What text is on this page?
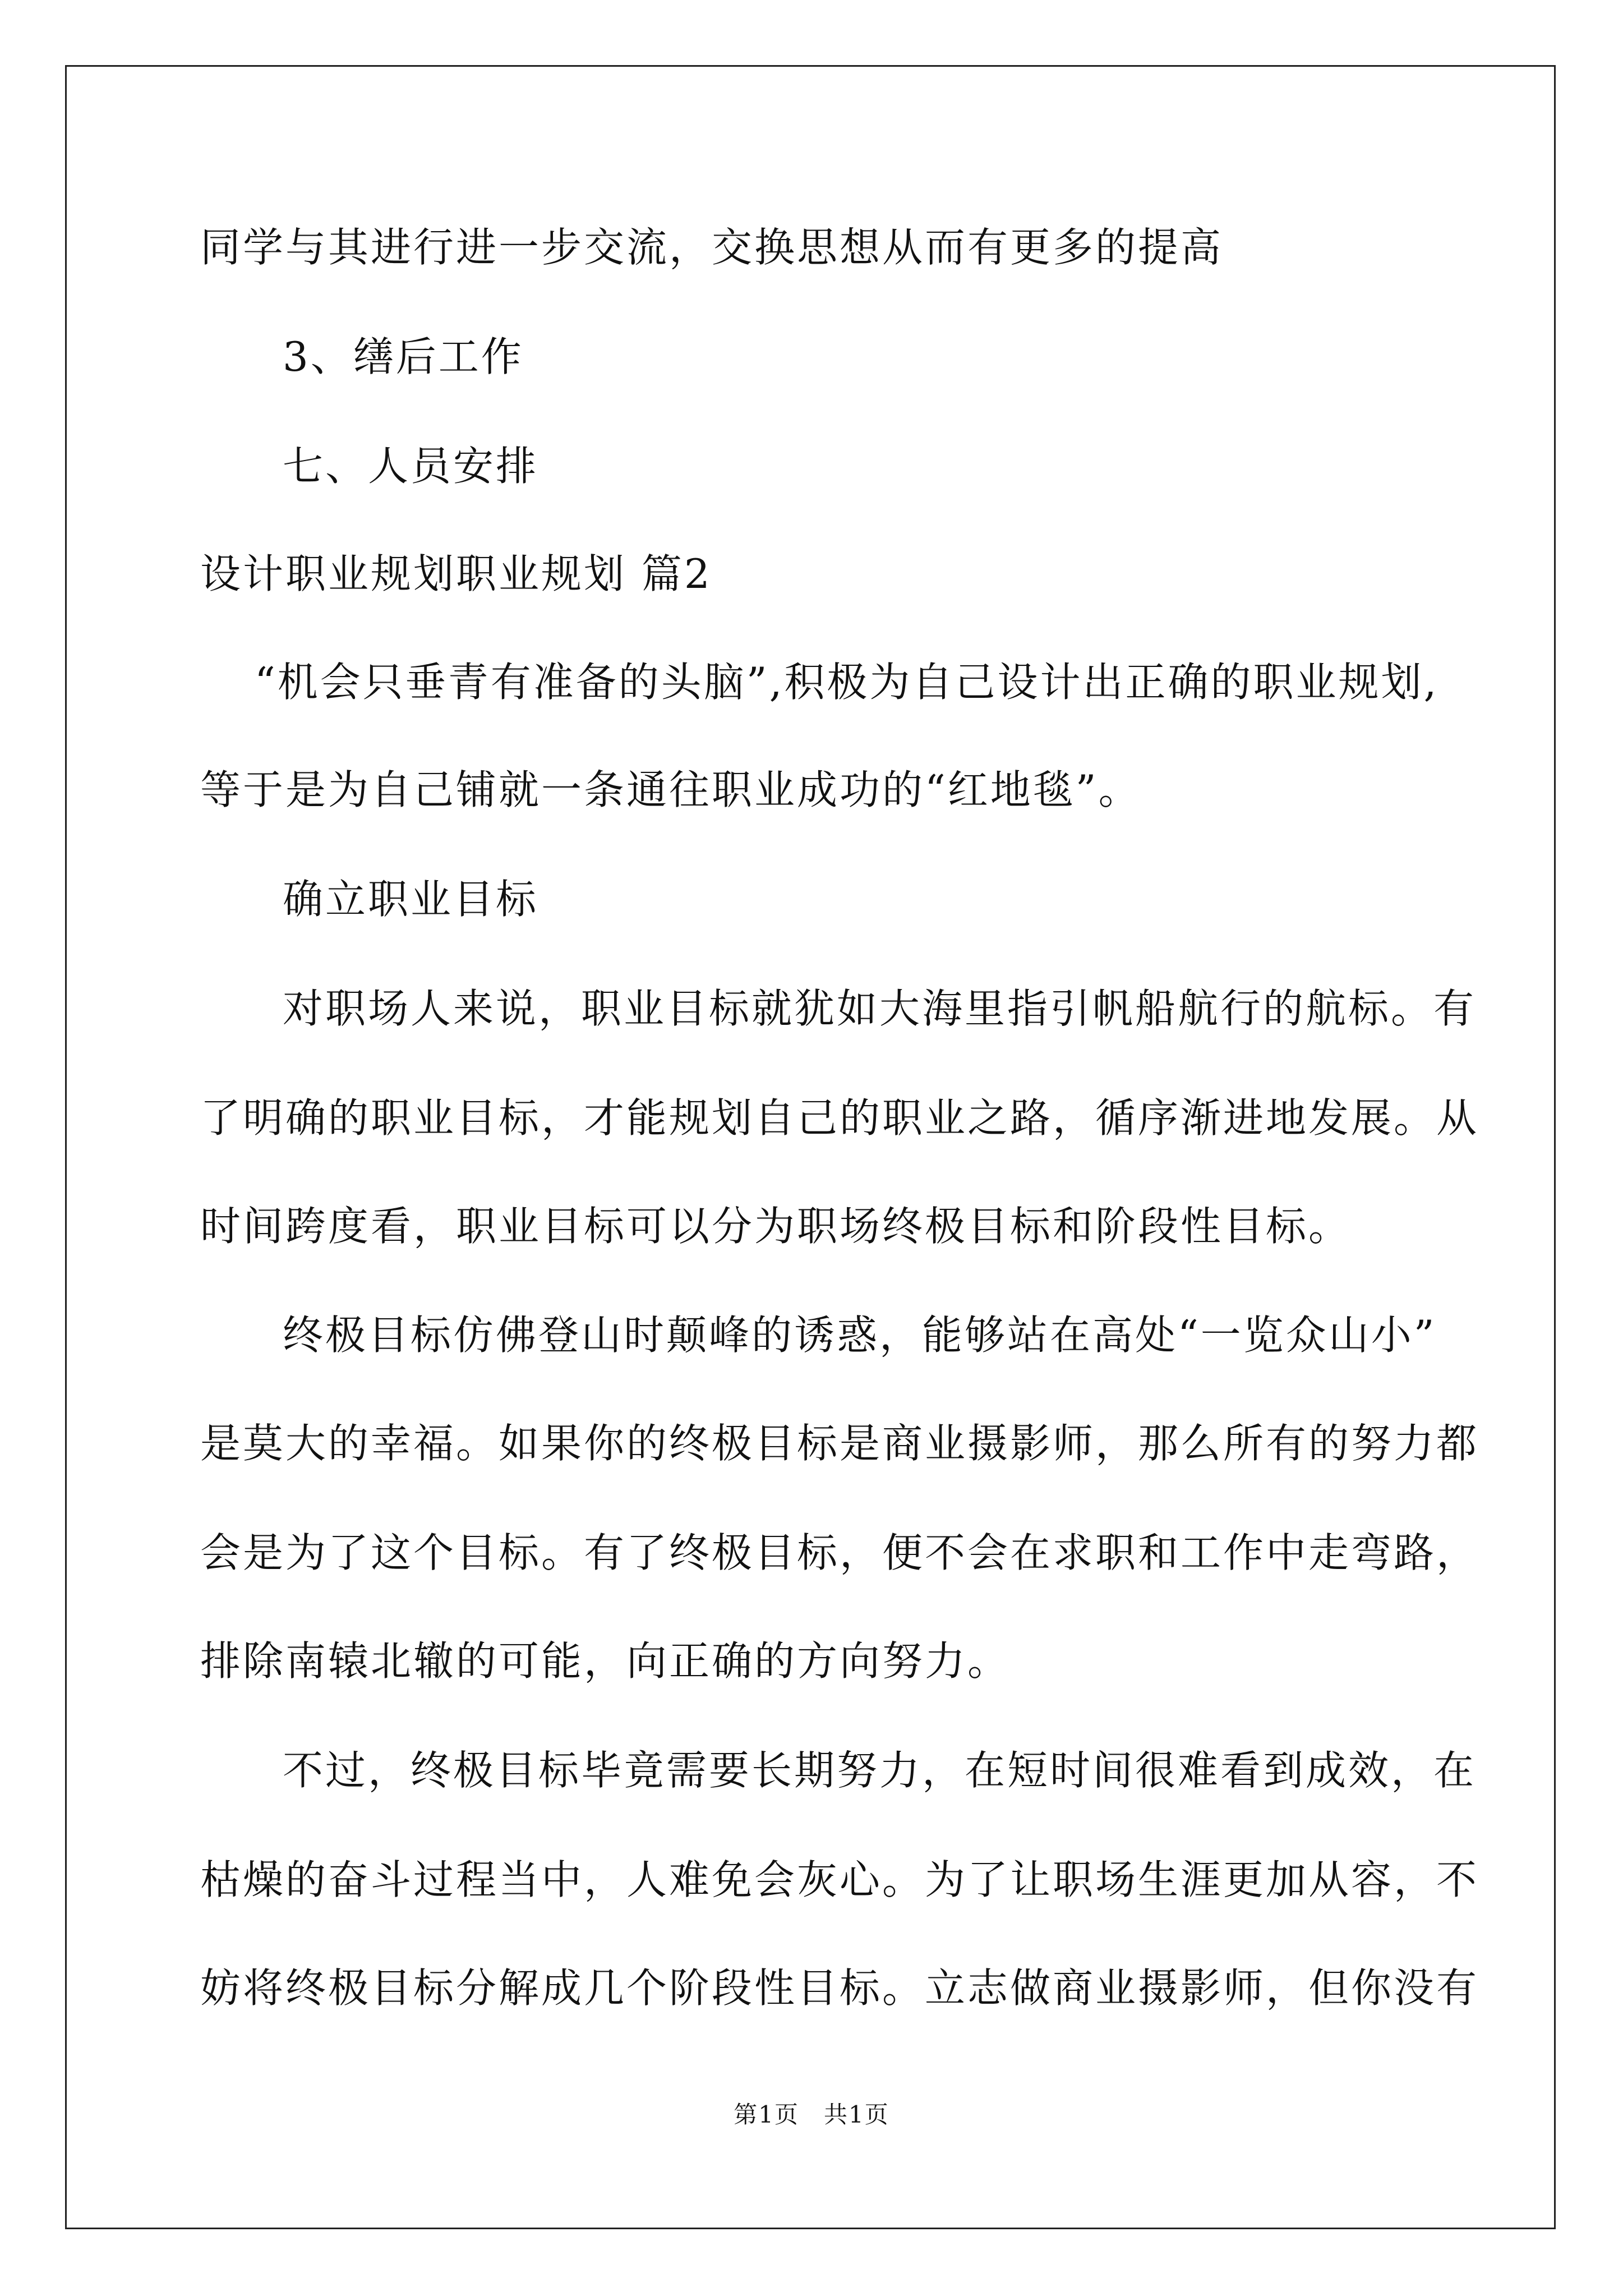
同学与其进行进一步交流，交换思想从而有更多的提高

3、缮后工作

七、人员安排

设计职业规划职业规划 篇2

“机会只垂青有准备的头脑”,积极为自己设计出正确的职业规划,

等于是为自己铺就一条通往职业成功的“红地毯”。

确立职业目标

对职场人来说，职业目标就犹如大海里指引帆船航行的航标。有

了明确的职业目标，才能规划自己的职业之路，循序渐进地发展。从

时间跨度看，职业目标可以分为职场终极目标和阶段性目标。

终极目标仿佛登山时颠峰的诱惑，能够站在高处“一览众山小”

是莫大的幸福。如果你的终极目标是商业摄影师，那么所有的努力都

会是为了这个目标。有了终极目标，便不会在求职和工作中走弯路，

排除南辕北辙的可能，向正确的方向努力。

不过，终极目标毕竟需要长期努力，在短时间很难看到成效，在

枯燥的奋斗过程当中，人难免会灰心。为了让职场生涯更加从容，不

妨将终极目标分解成几个阶段性目标。立志做商业摄影师，但你没有

第1页　共1页
